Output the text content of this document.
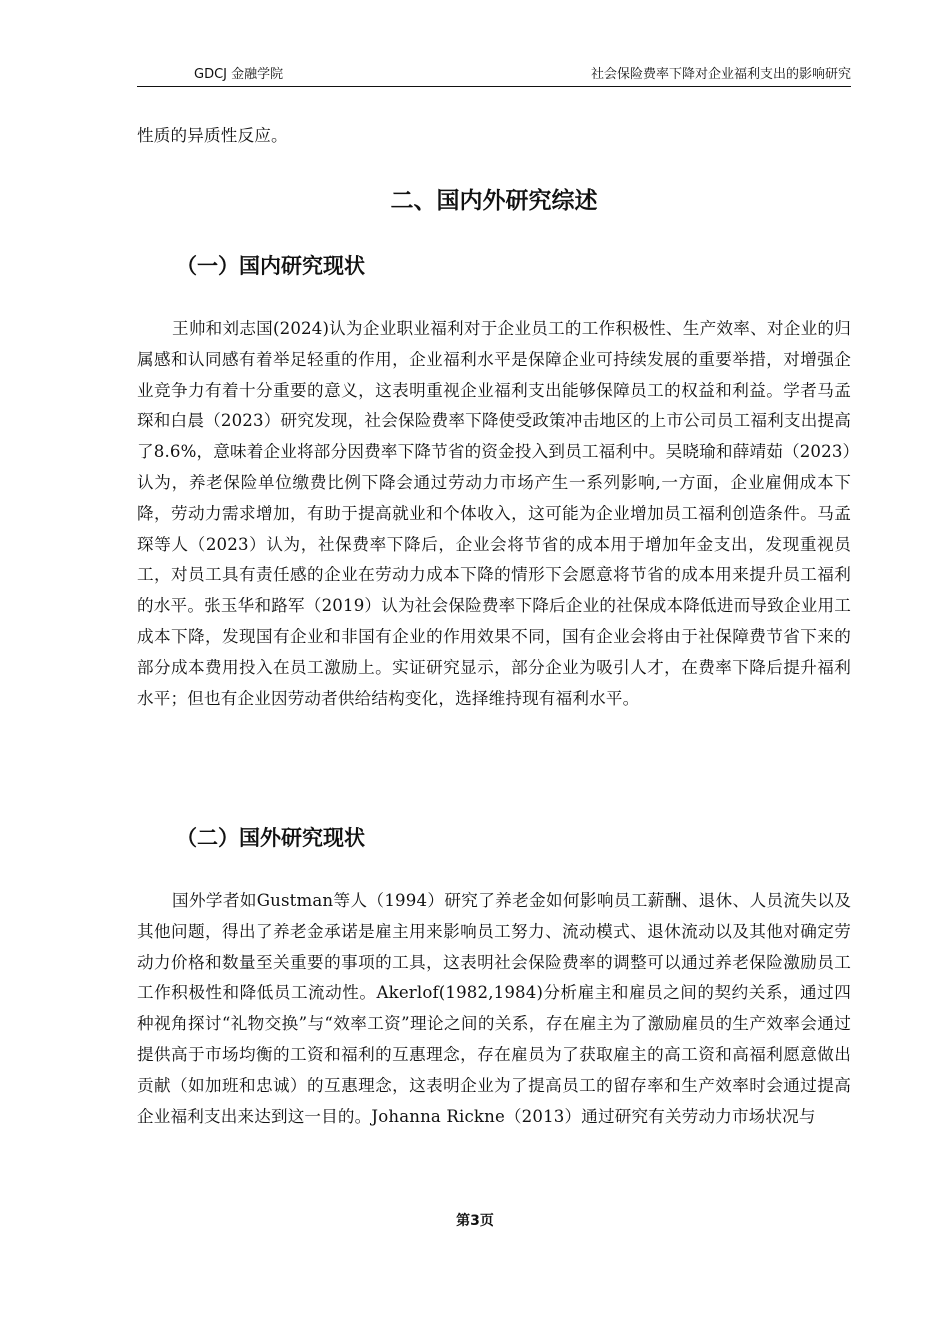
GDCJ 金融学院	社会保险费率下降对企业福利支出的影响研究

性质的异质性反应。

二、国内外研究综述
（一）国内研究现状

王帅和刘志国(2024)认为企业职业福利对于企业员工的工作积极性、生产效率、对企业的归属感和认同感有着举足轻重的作用，企业福利水平是保障企业可持续发展的重要举措，对增强企业竞争力有着十分重要的意义，这表明重视企业福利支出能够保障员工的权益和利益。学者马孟琛和白晨（2023）研究发现，社会保险费率下降使受政策冲击地区的上市公司员工福利支出提高了8.6%，意味着企业将部分因费率下降节省的资金投入到员工福利中。吴晓瑜和薛靖茹（2023）认为，养老保险单位缴费比例下降会通过劳动力市场产生一系列影响,一方面，企业雇佣成本下降，劳动力需求增加，有助于提高就业和个体收入，这可能为企业增加员工福利创造条件。马孟琛等人（2023）认为，社保费率下降后，企业会将节省的成本用于增加年金支出，发现重视员工，对员工具有责任感的企业在劳动力成本下降的情形下会愿意将节省的成本用来提升员工福利的水平。张玉华和路军（2019）认为社会保险费率下降后企业的社保成本降低进而导致企业用工成本下降，发现国有企业和非国有企业的作用效果不同，国有企业会将由于社保障费节省下来的部分成本费用投入在员工激励上。实证研究显示，部分企业为吸引人才，在费率下降后提升福利水平；但也有企业因劳动者供给结构变化，选择维持现有福利水平。

（二）国外研究现状

国外学者如Gustman等人（1994）研究了养老金如何影响员工薪酬、退休、人员流失以及其他问题，得出了养老金承诺是雇主用来影响员工努力、流动模式、退休流动以及其他对确定劳动力价格和数量至关重要的事项的工具，这表明社会保险费率的调整可以通过养老保险激励员工工作积极性和降低员工流动性。Akerlof(1982,1984)分析雇主和雇员之间的契约关系，通过四种视角探讨“礼物交换”与“效率工资”理论之间的关系，存在雇主为了激励雇员的生产效率会通过提供高于市场均衡的工资和福利的互惠理念，存在雇员为了获取雇主的高工资和高福利愿意做出贡献（如加班和忠诚）的互惠理念，这表明企业为了提高员工的留存率和生产效率时会通过提高企业福利支出来达到这一目的。Johanna Rickne（2013）通过研究有关劳动力市场状况与

第3页
